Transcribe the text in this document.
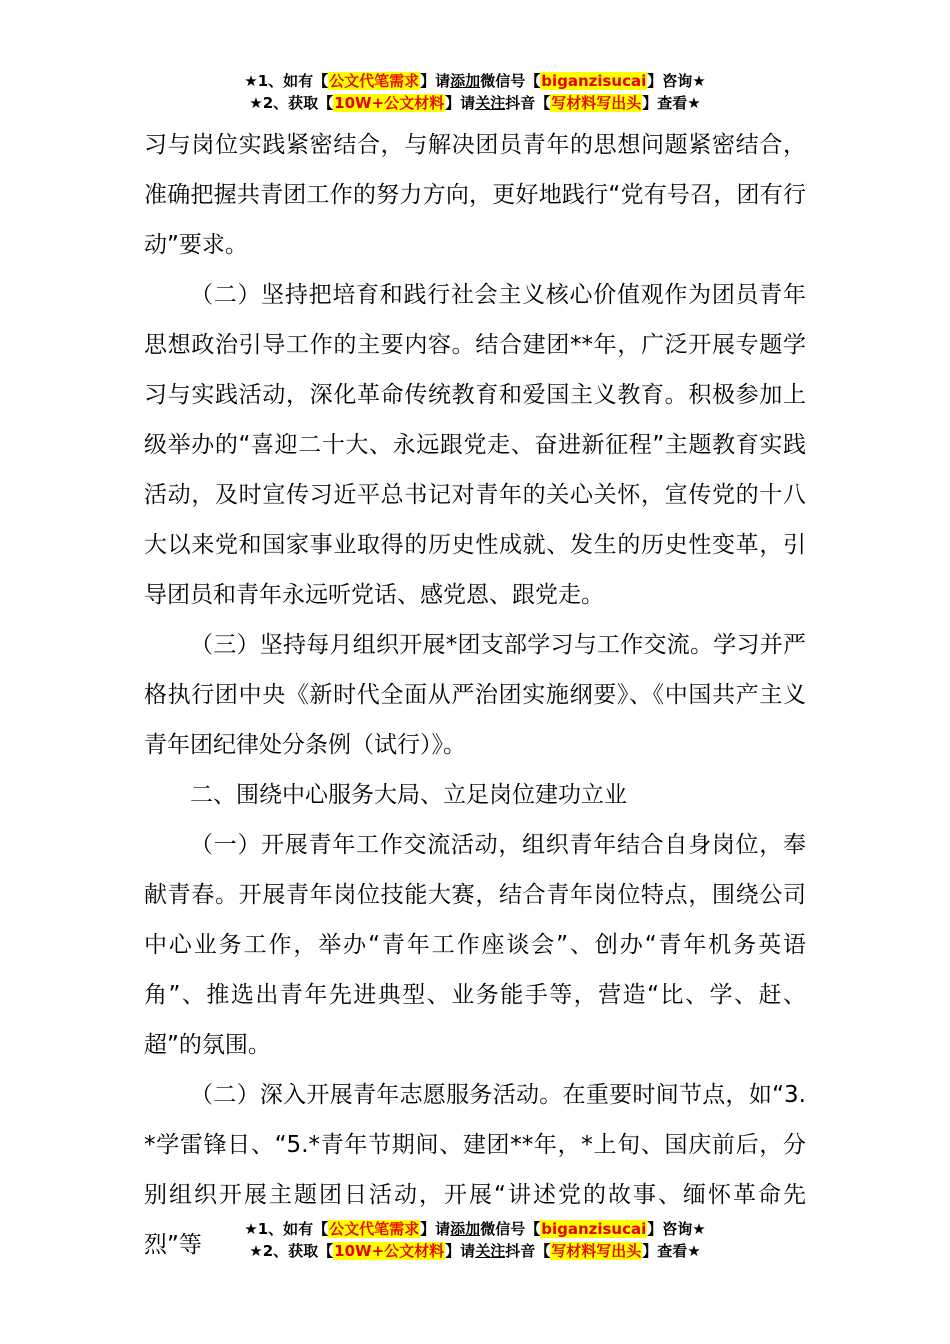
★1、如有【公文代笔需求】请添加微信号【biganzisucai】咨询★
★2、获取【10W+公文材料】请关注抖音【写材料写出头】查看★

习与岗位实践紧密结合，与解决团员青年的思想问题紧密结合，准确把握共青团工作的努力方向，更好地践行“党有号召，团有行动”要求。

（二）坚持把培育和践行社会主义核心价值观作为团员青年思想政治引导工作的主要内容。结合建团**年，广泛开展专题学习与实践活动，深化革命传统教育和爱国主义教育。积极参加上级举办的“喜迎二十大、永远跟党走、奋进新征程”主题教育实践活动，及时宣传习近平总书记对青年的关心关怀，宣传党的十八大以来党和国家事业取得的历史性成就、发生的历史性变革，引导团员和青年永远听党话、感党恩、跟党走。

（三）坚持每月组织开展*团支部学习与工作交流。学习并严格执行团中央《新时代全面从严治团实施纲要》、《中国共产主义青年团纪律处分条例（试行）》。

二、围绕中心服务大局、立足岗位建功立业

（一）开展青年工作交流活动，组织青年结合自身岗位，奉献青春。开展青年岗位技能大赛，结合青年岗位特点，围绕公司中心业务工作，举办“青年工作座谈会”、创办“青年机务英语角”、推选出青年先进典型、业务能手等，营造“比、学、赶、超”的氛围。

（二）深入开展青年志愿服务活动。在重要时间节点，如“3.*学雷锋日、“5.*青年节期间、建团**年，*上旬、国庆前后，分别组织开展主题团日活动，开展“讲述党的故事、缅怀革命先烈”等

★1、如有【公文代笔需求】请添加微信号【biganzisucai】咨询★
★2、获取【10W+公文材料】请关注抖音【写材料写出头】查看★
